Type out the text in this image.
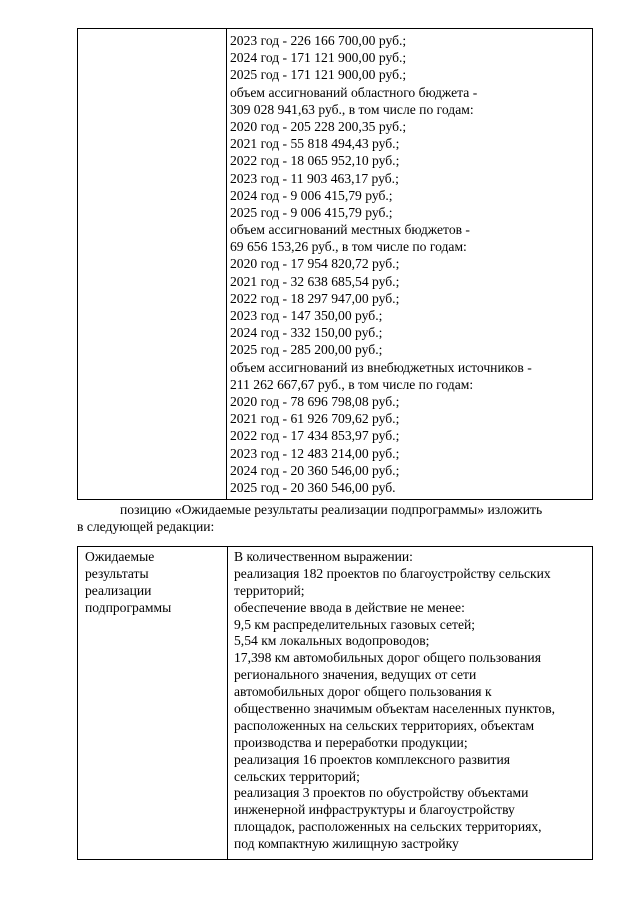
2023 год - 226 166 700,00 руб.;
2024 год - 171 121 900,00 руб.;
2025 год - 171 121 900,00 руб.;
объем ассигнований областного бюджета -
309 028 941,63 руб., в том числе по годам:
2020 год - 205 228 200,35 руб.;
2021 год - 55 818 494,43 руб.;
2022 год - 18 065 952,10 руб.;
2023 год - 11 903 463,17 руб.;
2024 год - 9 006 415,79 руб.;
2025 год - 9 006 415,79 руб.;
объем ассигнований местных бюджетов -
69 656 153,26 руб., в том числе по годам:
2020 год - 17 954 820,72 руб.;
2021 год - 32 638 685,54 руб.;
2022 год - 18 297 947,00 руб.;
2023 год - 147 350,00 руб.;
2024 год - 332 150,00 руб.;
2025 год - 285 200,00 руб.;
объем ассигнований из внебюджетных источников -
211 262 667,67 руб., в том числе по годам:
2020 год - 78 696 798,08 руб.;
2021 год - 61 926 709,62 руб.;
2022 год - 17 434 853,97 руб.;
2023 год - 12 483 214,00 руб.;
2024 год - 20 360 546,00 руб.;
2025 год - 20 360 546,00 руб.
позицию «Ожидаемые результаты реализации подпрограммы» изложить
в следующей редакции:
Ожидаемые
результаты
реализации
подпрограммы
В количественном выражении:
реализация 182 проектов по благоустройству сельских
территорий;
обеспечение ввода в действие не менее:
9,5 км распределительных газовых сетей;
5,54 км локальных водопроводов;
17,398 км автомобильных дорог общего пользования
регионального значения, ведущих от сети
автомобильных дорог общего пользования к
общественно значимым объектам населенных пунктов,
расположенных на сельских территориях, объектам
производства и переработки продукции;
реализация 16 проектов комплексного развития
сельских территорий;
реализация 3 проектов по обустройству объектами
инженерной инфраструктуры и благоустройству
площадок, расположенных на сельских территориях,
под компактную жилищную застройку
